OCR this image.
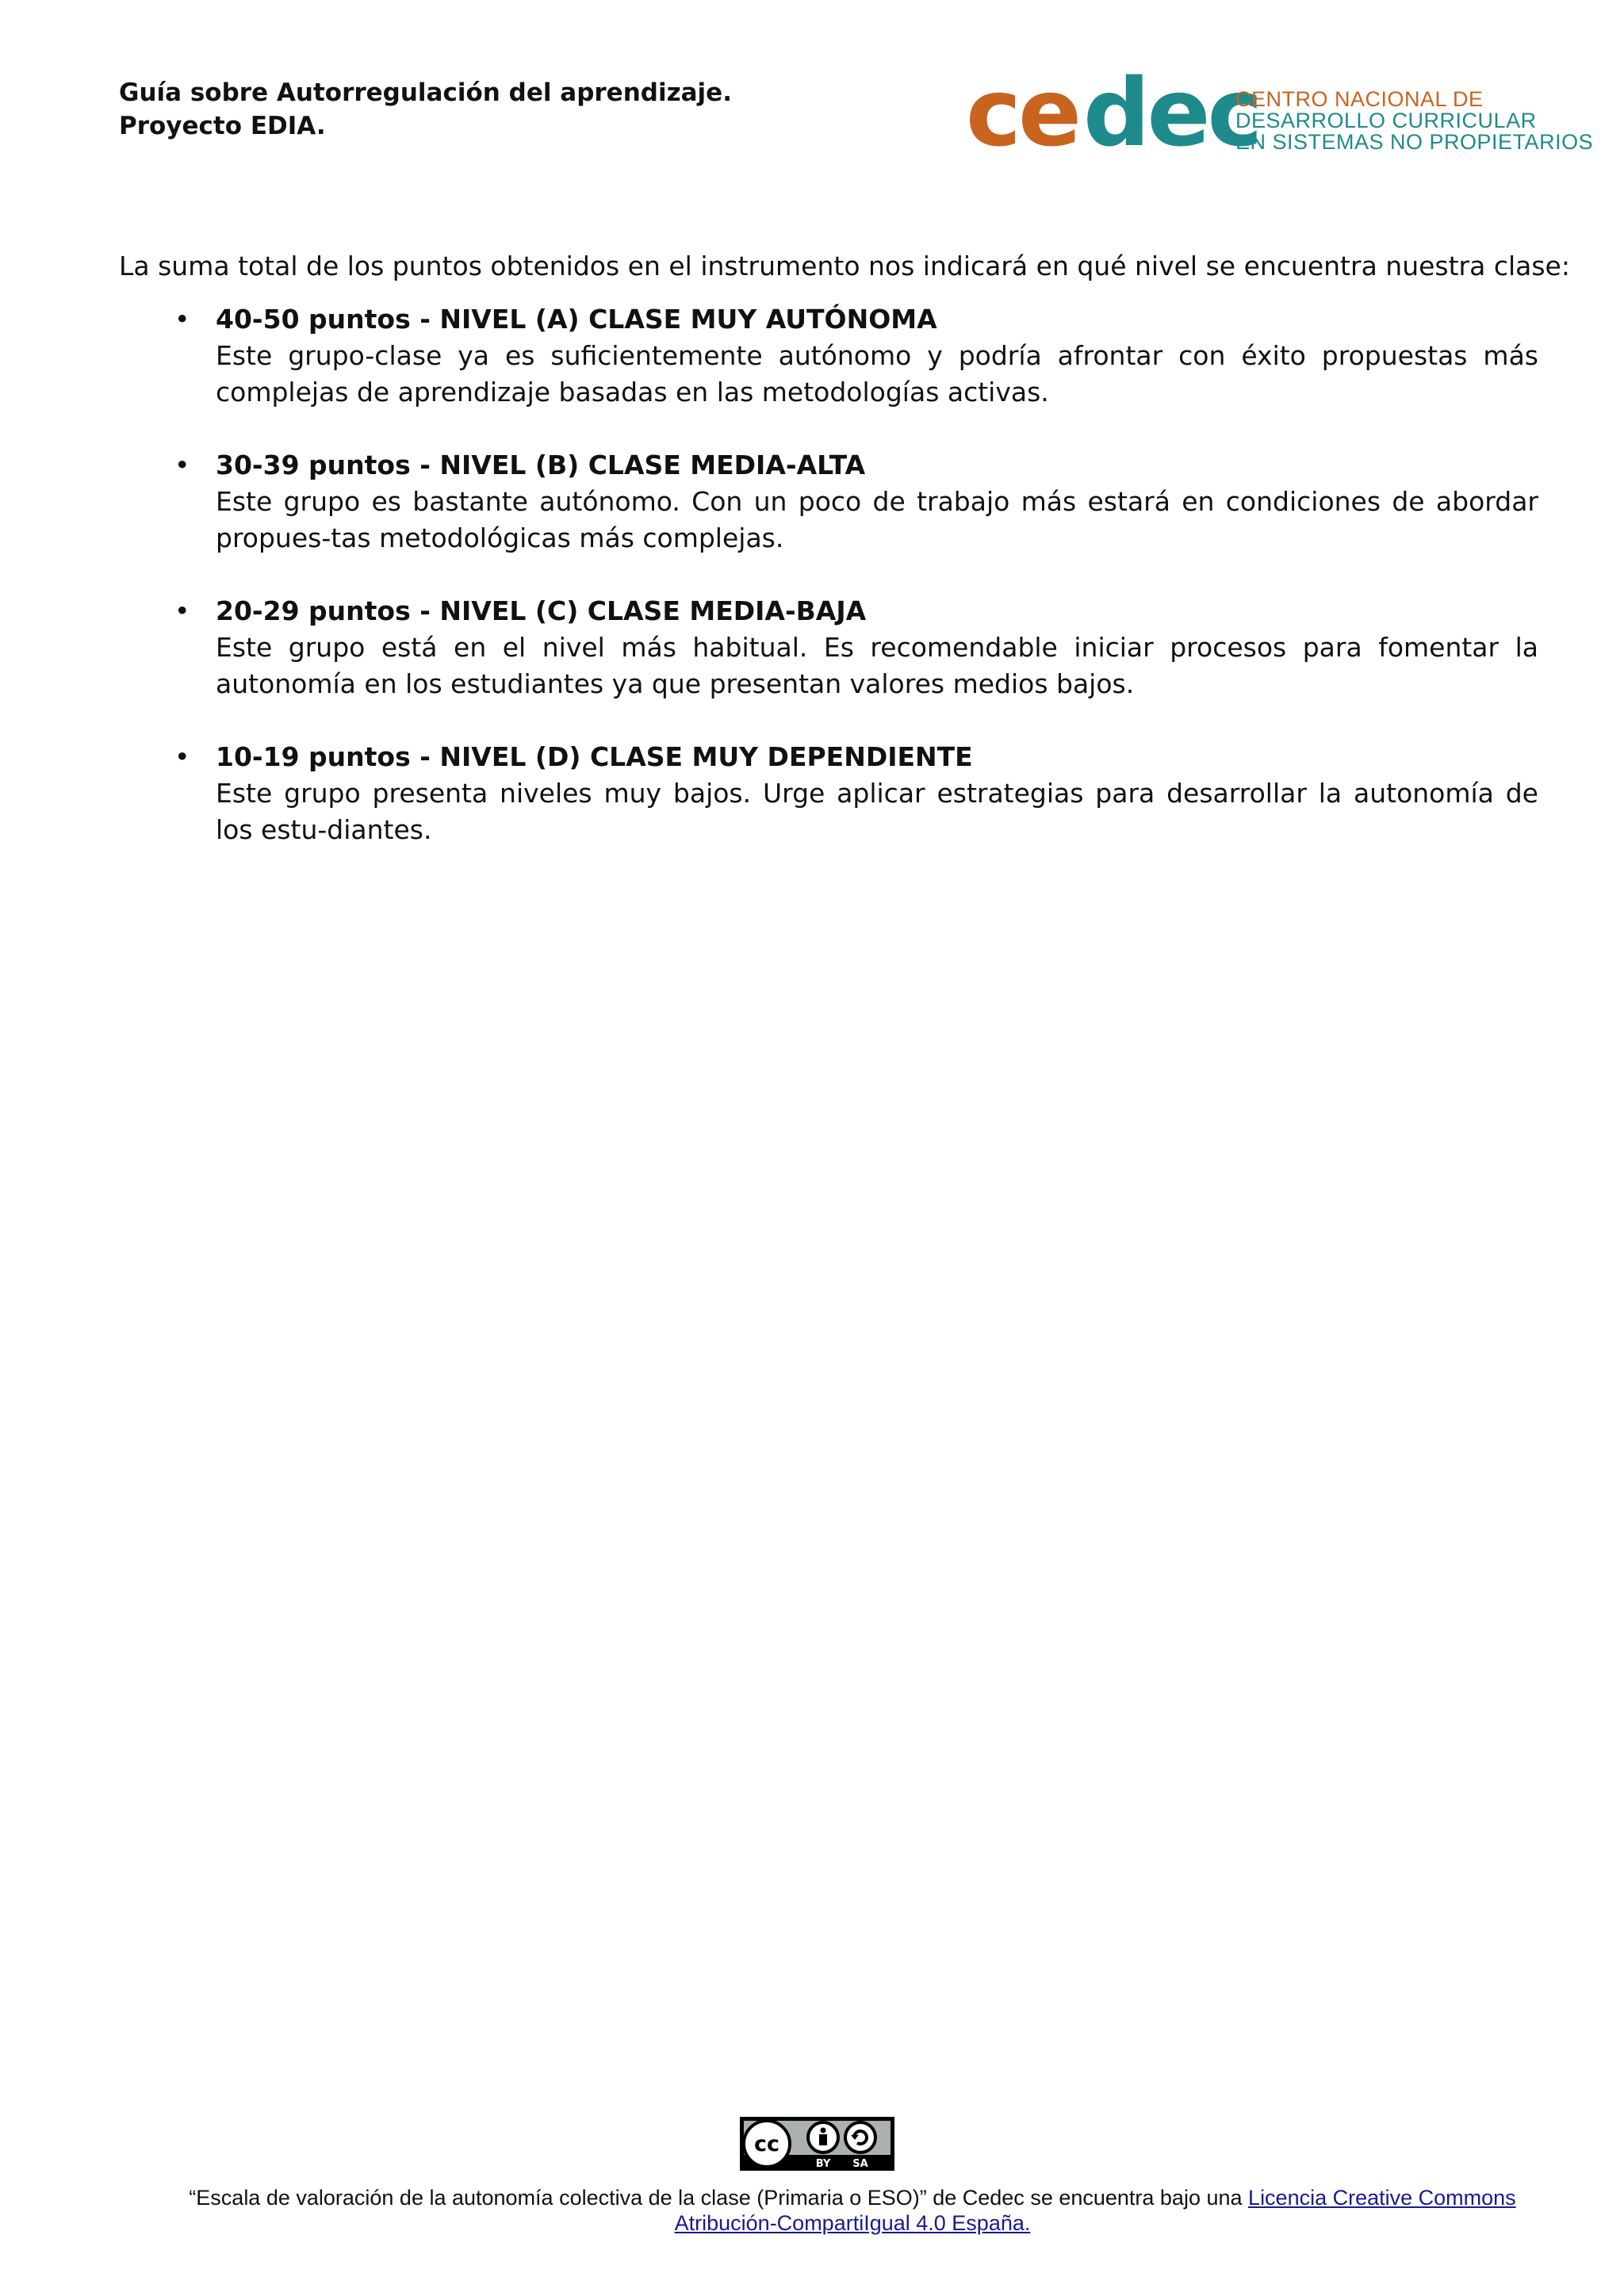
Guía sobre Autorregulación del aprendizaje.
Proyecto EDIA.	ce dec
CENTRO NACIONAL DE
DESARROLLO CURRICULAR
EN SISTEMAS NO PROPIETARIOS
La suma total de los puntos obtenidos en el instrumento nos indicará en qué nivel se encuentra nuestra clase:
• 40-50 puntos - NIVEL (A) CLASE MUY AUTÓNOMA
Este grupo-clase ya es suficientemente autónomo y podría afrontar con éxito propuestas más complejas de aprendizaje basadas en las metodologías activas.
• 30-39 puntos - NIVEL (B) CLASE MEDIA-ALTA
Este grupo es bastante autónomo. Con un poco de trabajo más estará en condiciones de abordar propues-tas metodológicas más complejas.
• 20-29 puntos - NIVEL (C) CLASE MEDIA-BAJA
Este grupo está en el nivel más habitual. Es recomendable iniciar procesos para fomentar la autonomía en los estudiantes ya que presentan valores medios bajos.
• 10-19 puntos - NIVEL (D) CLASE MUY DEPENDIENTE
Este grupo presenta niveles muy bajos. Urge aplicar estrategias para desarrollar la autonomía de los estu-diantes.
cc
BY SA
“Escala de valoración de la autonomía colectiva de la clase (Primaria o ESO)” de Cedec se encuentra bajo una Licencia Creative Commons
Atribución-CompartiIgual 4.0 España.
